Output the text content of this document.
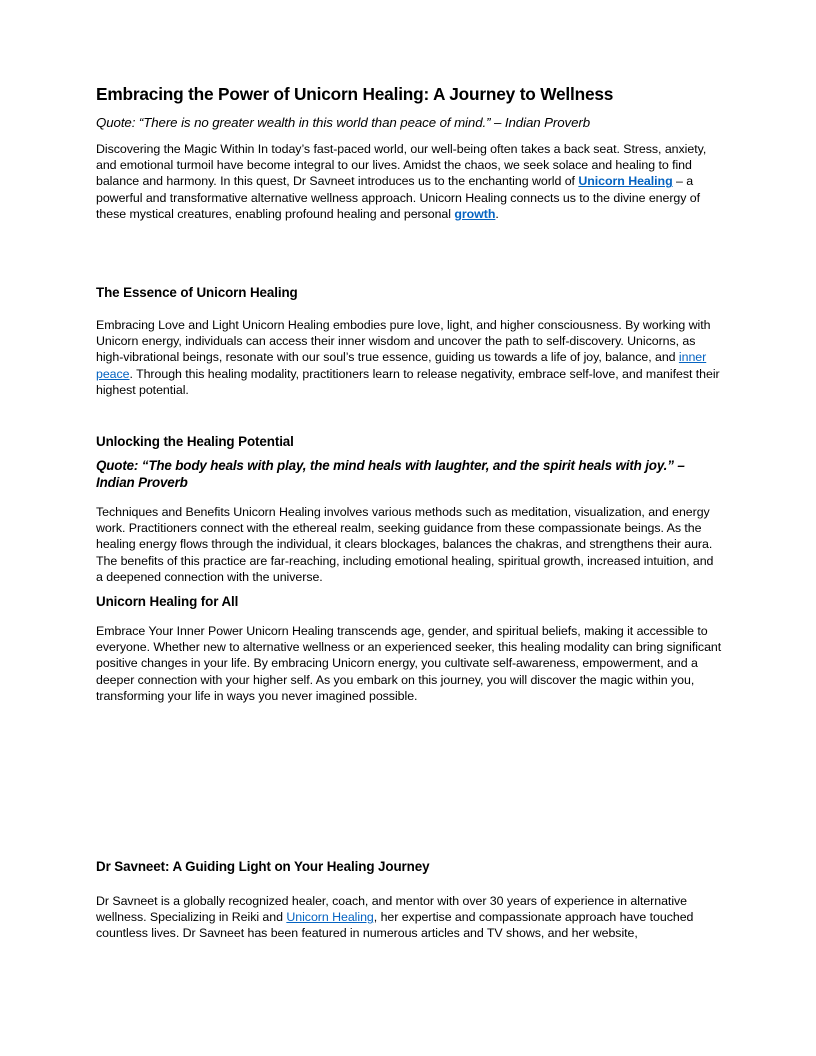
Embracing the Power of Unicorn Healing: A Journey to Wellness

Quote: “There is no greater wealth in this world than peace of mind.” – Indian Proverb

Discovering the Magic Within In today’s fast-paced world, our well-being often takes a back seat. Stress, anxiety, and emotional turmoil have become integral to our lives. Amidst the chaos, we seek solace and healing to find balance and harmony. In this quest, Dr Savneet introduces us to the enchanting world of Unicorn Healing – a powerful and transformative alternative wellness approach. Unicorn Healing connects us to the divine energy of these mystical creatures, enabling profound healing and personal growth.

The Essence of Unicorn Healing

Embracing Love and Light Unicorn Healing embodies pure love, light, and higher consciousness. By working with Unicorn energy, individuals can access their inner wisdom and uncover the path to self-discovery. Unicorns, as high-vibrational beings, resonate with our soul’s true essence, guiding us towards a life of joy, balance, and inner peace. Through this healing modality, practitioners learn to release negativity, embrace self-love, and manifest their highest potential.

Unlocking the Healing Potential

Quote: “The body heals with play, the mind heals with laughter, and the spirit heals with joy.” – Indian Proverb

Techniques and Benefits Unicorn Healing involves various methods such as meditation, visualization, and energy work. Practitioners connect with the ethereal realm, seeking guidance from these compassionate beings. As the healing energy flows through the individual, it clears blockages, balances the chakras, and strengthens their aura. The benefits of this practice are far-reaching, including emotional healing, spiritual growth, increased intuition, and a deepened connection with the universe.

Unicorn Healing for All

Embrace Your Inner Power Unicorn Healing transcends age, gender, and spiritual beliefs, making it accessible to everyone. Whether new to alternative wellness or an experienced seeker, this healing modality can bring significant positive changes in your life. By embracing Unicorn energy, you cultivate self-awareness, empowerment, and a deeper connection with your higher self. As you embark on this journey, you will discover the magic within you, transforming your life in ways you never imagined possible.

Dr Savneet: A Guiding Light on Your Healing Journey

Dr Savneet is a globally recognized healer, coach, and mentor with over 30 years of experience in alternative wellness. Specializing in Reiki and Unicorn Healing, her expertise and compassionate approach have touched countless lives. Dr Savneet has been featured in numerous articles and TV shows, and her website,
